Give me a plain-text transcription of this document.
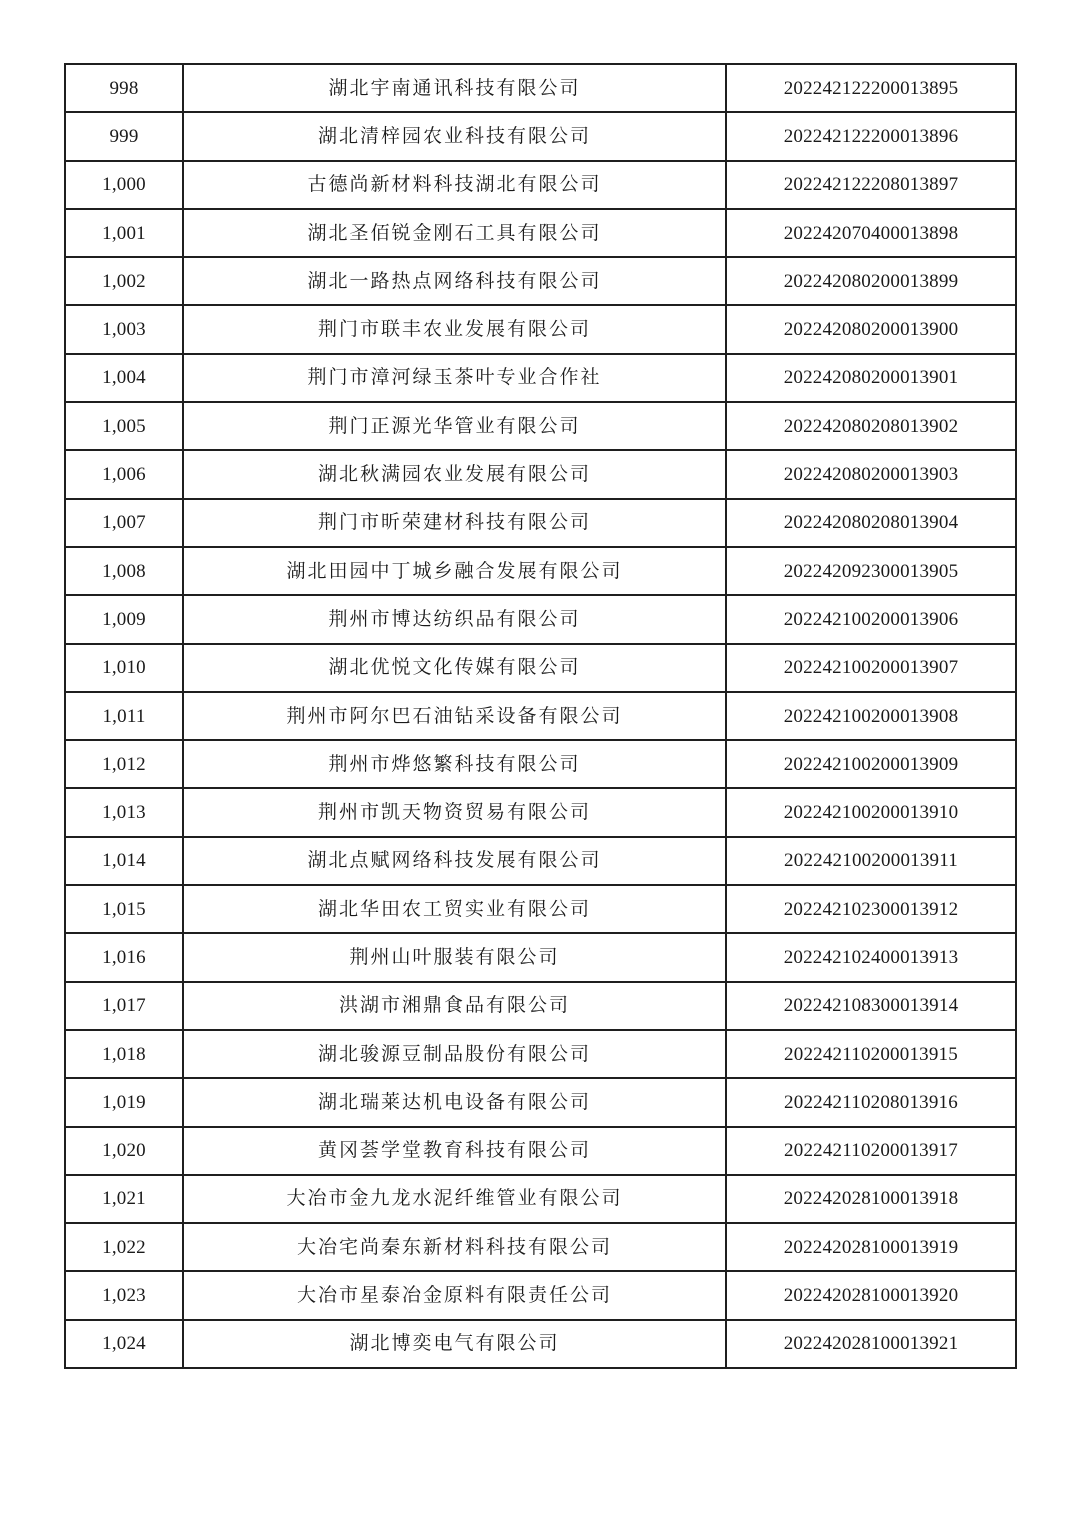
998	湖北宇南通讯科技有限公司	202242122200013895
999	湖北清梓园农业科技有限公司	202242122200013896
1,000	古德尚新材料科技湖北有限公司	202242122208013897
1,001	湖北圣佰锐金刚石工具有限公司	202242070400013898
1,002	湖北一路热点网络科技有限公司	202242080200013899
1,003	荆门市联丰农业发展有限公司	202242080200013900
1,004	荆门市漳河绿玉茶叶专业合作社	202242080200013901
1,005	荆门正源光华管业有限公司	202242080208013902
1,006	湖北秋满园农业发展有限公司	202242080200013903
1,007	荆门市昕荣建材科技有限公司	202242080208013904
1,008	湖北田园中丁城乡融合发展有限公司	202242092300013905
1,009	荆州市博达纺织品有限公司	202242100200013906
1,010	湖北优悦文化传媒有限公司	202242100200013907
1,011	荆州市阿尔巴石油钻采设备有限公司	202242100200013908
1,012	荆州市烨悠繁科技有限公司	202242100200013909
1,013	荆州市凯天物资贸易有限公司	202242100200013910
1,014	湖北点赋网络科技发展有限公司	202242100200013911
1,015	湖北华田农工贸实业有限公司	202242102300013912
1,016	荆州山叶服装有限公司	202242102400013913
1,017	洪湖市湘鼎食品有限公司	202242108300013914
1,018	湖北骏源豆制品股份有限公司	202242110200013915
1,019	湖北瑞莱达机电设备有限公司	202242110208013916
1,020	黄冈荟学堂教育科技有限公司	202242110200013917
1,021	大冶市金九龙水泥纤维管业有限公司	202242028100013918
1,022	大冶宅尚秦东新材料科技有限公司	202242028100013919
1,023	大冶市星泰冶金原料有限责任公司	202242028100013920
1,024	湖北博奕电气有限公司	202242028100013921
